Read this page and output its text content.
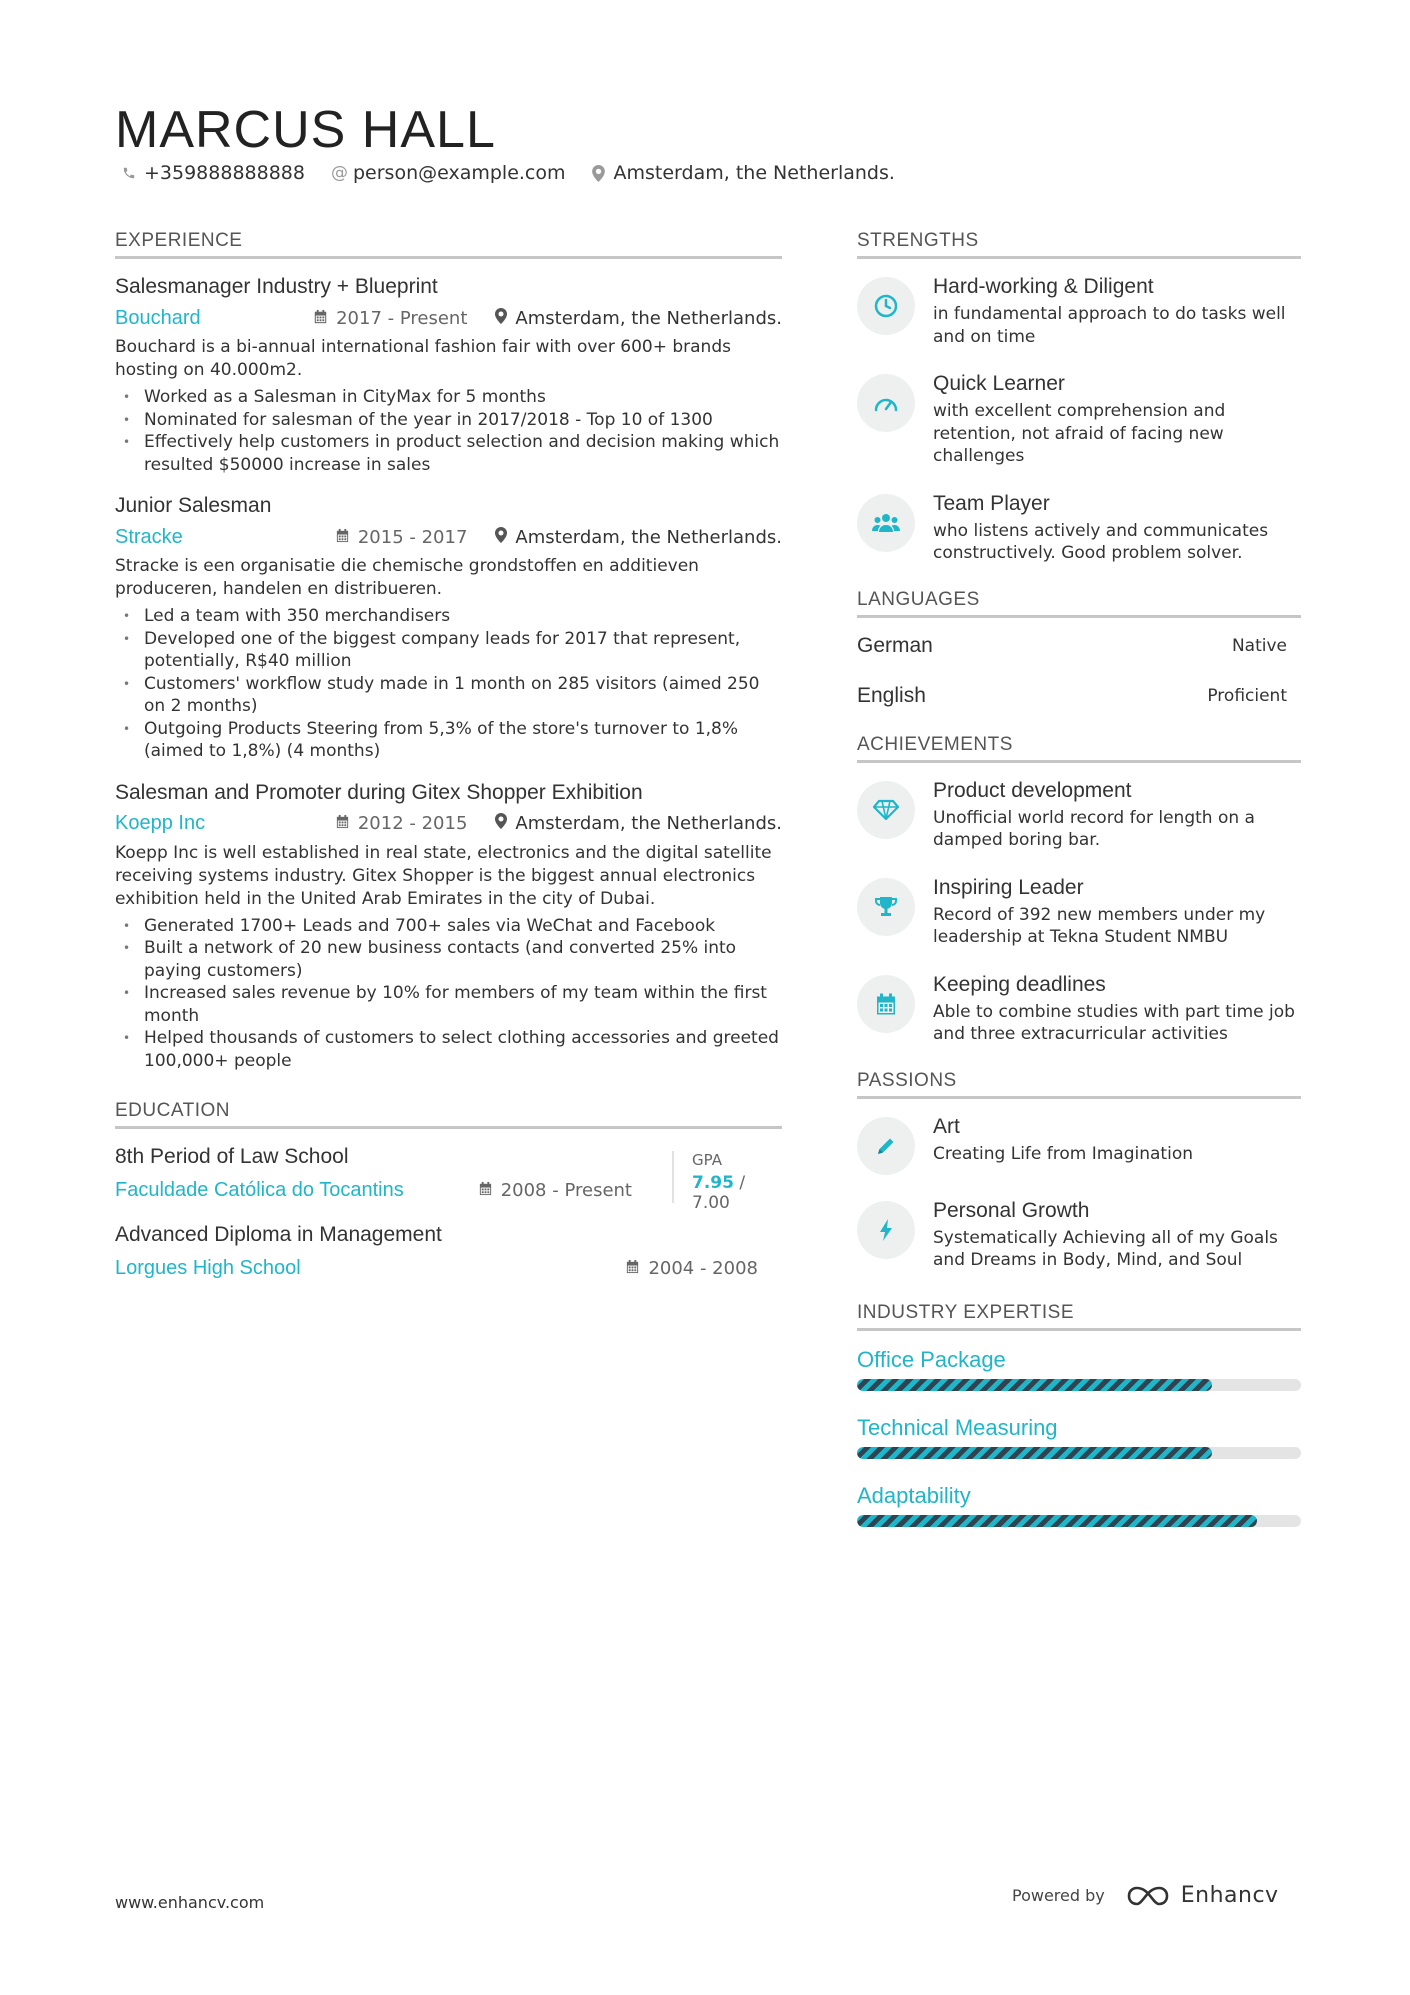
MARCUS HALL
+359888888888 @ person@example.com	Amsterdam, the Netherlands.
EXPERIENCE
Salesmanager Industry + Blueprint
Bouchard	2017 - Present	Amsterdam, the Netherlands.
Bouchard is a bi-annual international fashion fair with over 600+ brands hosting on 40.000m2.
• Worked as a Salesman in CityMax for 5 months
• Nominated for salesman of the year in 2017/2018 - Top 10 of 1300
• Effectively help customers in product selection and decision making which resulted $50000 increase in sales
Junior Salesman
Stracke	2015 - 2017	Amsterdam, the Netherlands.
Stracke is een organisatie die chemische grondstoffen en additieven produceren, handelen en distribueren.
• Led a team with 350 merchandisers
• Developed one of the biggest company leads for 2017 that represent, potentially, R$40 million
• Customers' workflow study made in 1 month on 285 visitors (aimed 250 on 2 months)
• Outgoing Products Steering from 5,3% of the store's turnover to 1,8% (aimed to 1,8%) (4 months)
Salesman and Promoter during Gitex Shopper Exhibition
Koepp Inc	2012 - 2015	Amsterdam, the Netherlands.
Koepp Inc is well established in real state, electronics and the digital satellite receiving systems industry. Gitex Shopper is the biggest annual electronics exhibition held in the United Arab Emirates in the city of Dubai.
• Generated 1700+ Leads and 700+ sales via WeChat and Facebook
• Built a network of 20 new business contacts (and converted 25% into paying customers)
• Increased sales revenue by 10% for members of my team within the first month
• Helped thousands of customers to select clothing accessories and greeted 100,000+ people
EDUCATION
8th Period of Law School
Faculdade Católica do Tocantins	2008 - Present
GPA
7.95 / 7.00
Advanced Diploma in Management
Lorgues High School	2004 - 2008
STRENGTHS
Hard-working & Diligent
in fundamental approach to do tasks well and on time
Quick Learner
with excellent comprehension and retention, not afraid of facing new challenges
Team Player
who listens actively and communicates constructively. Good problem solver.
LANGUAGES
German	Native
English	Proficient
ACHIEVEMENTS
Product development
Unofficial world record for length on a damped boring bar.
Inspiring Leader
Record of 392 new members under my leadership at Tekna Student NMBU
Keeping deadlines
Able to combine studies with part time job and three extracurricular activities
PASSIONS
Art
Creating Life from Imagination
Personal Growth
Systematically Achieving all of my Goals and Dreams in Body, Mind, and Soul
INDUSTRY EXPERTISE
Office Package
Technical Measuring
Adaptability
www.enhancv.com	Powered by	Enhancv
